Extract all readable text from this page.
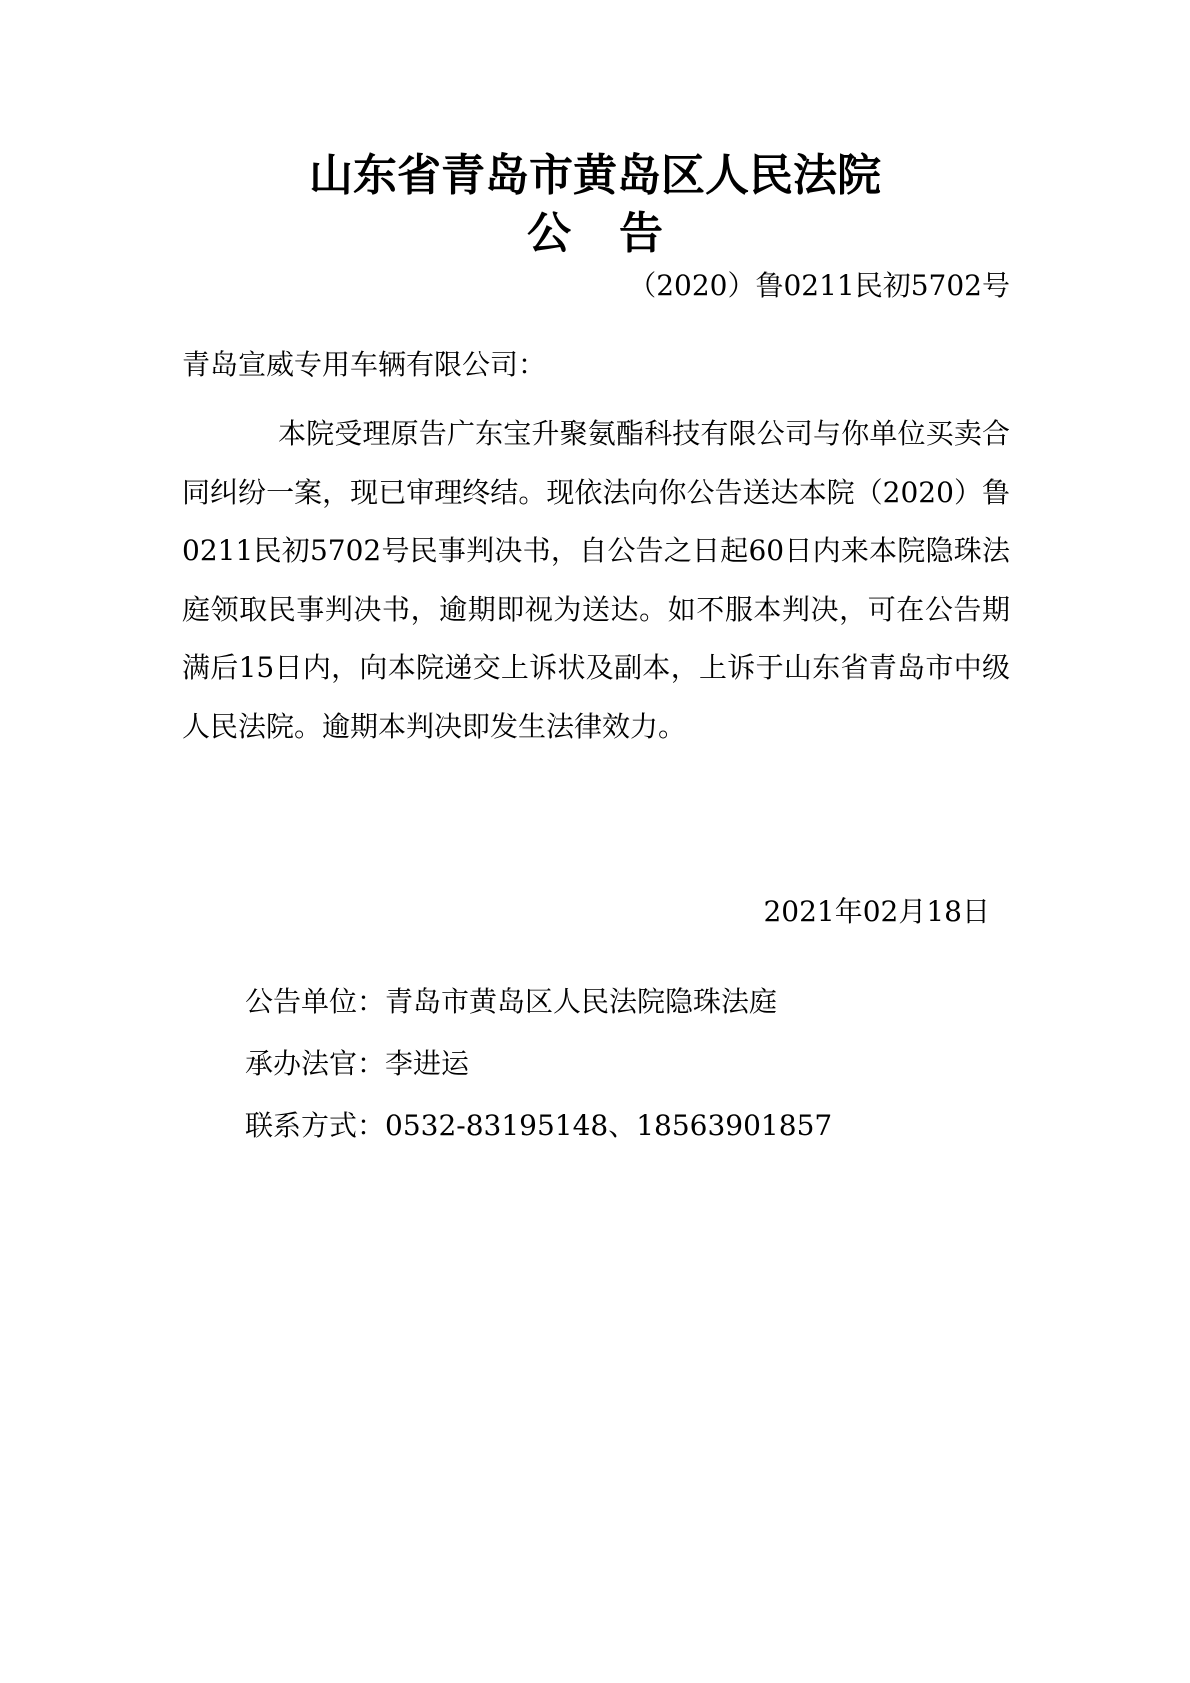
山东省青岛市黄岛区人民法院
公告
（2020）鲁0211民初5702号
青岛宣威专用车辆有限公司：
本院受理原告广东宝升聚氨酯科技有限公司与你单位买卖合同纠纷一案，现已审理终结。现依法向你公告送达本院（2020）鲁0211民初5702号民事判决书，自公告之日起60日内来本院隐珠法庭领取民事判决书，逾期即视为送达。如不服本判决，可在公告期满后15日内，向本院递交上诉状及副本，上诉于山东省青岛市中级人民法院。逾期本判决即发生法律效力。
2021年02月18日
公告单位：青岛市黄岛区人民法院隐珠法庭
承办法官：李进运
联系方式：0532-83195148、18563901857
